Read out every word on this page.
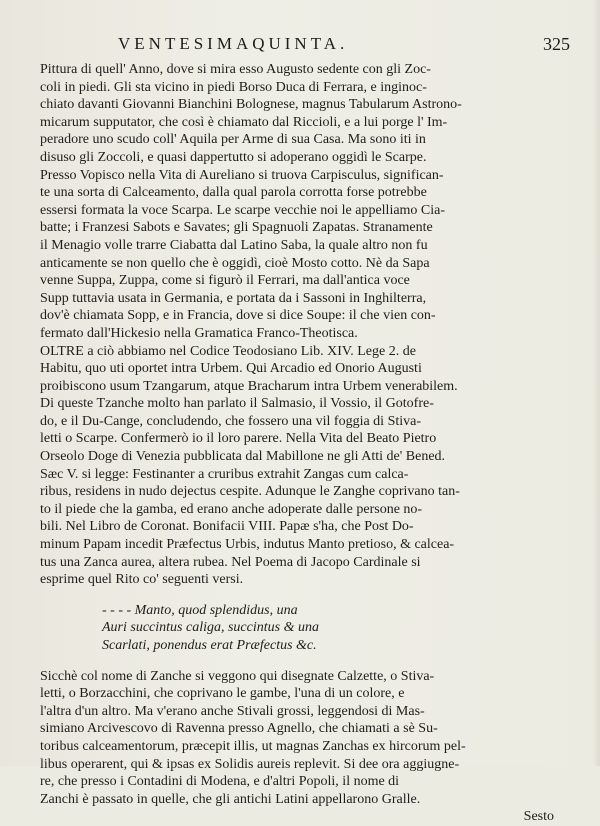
VENTESIMAQUINTA.	325
Pittura di quell' Anno, dove si mira esso Augusto sedente con gli Zoc-
coli in piedi. Gli sta vicino in piedi Borso Duca di Ferrara, e inginoc-
chiato davanti Giovanni Bianchini Bolognese, magnus Tabularum Astrono-
micarum supputator, che così è chiamato dal Riccioli, e a lui porge l' Im-
peradore uno scudo coll' Aquila per Arme di sua Casa. Ma sono iti in
disuso gli Zoccoli, e quasi dappertutto si adoperano oggidì le Scarpe.
Presso Vopisco nella Vita di Aureliano si truova Carpisculus, significan-
te una sorta di Calceamento, dalla qual parola corrotta forse potrebbe
essersi formata la voce Scarpa. Le scarpe vecchie noi le appelliamo Cia-
batte; i Franzesi Sabots e Savates; gli Spagnuoli Zapatas. Stranamente
il Menagio volle trarre Ciabatta dal Latino Saba, la quale altro non fu
anticamente se non quello che è oggidì, cioè Mosto cotto. Nè da Sapa
venne Suppa, Zuppa, come si figurò il Ferrari, ma dall'antica voce
Supp tuttavia usata in Germania, e portata da i Sassoni in Inghilterra,
dov'è chiamata Sopp, e in Francia, dove si dice Soupe: il che vien con-
fermato dall'Hickesio nella Gramatica Franco-Theotisca.
OLTRE a ciò abbiamo nel Codice Teodosiano Lib. XIV. Lege 2. de
Habitu, quo uti oportet intra Urbem. Qui Arcadio ed Onorio Augusti
proibiscono usum Tzangarum, atque Bracharum intra Urbem venerabilem.
Di queste Tzanche molto han parlato il Salmasio, il Vossio, il Gotofre-
do, e il Du-Cange, concludendo, che fossero una vil foggia di Stiva-
letti o Scarpe. Confermerò io il loro parere. Nella Vita del Beato Pietro
Orseolo Doge di Venezia pubblicata dal Mabillone ne gli Atti de' Bened.
Sæc V. si legge: Festinanter a cruribus extrahit Zangas cum calca-
ribus, residens in nudo dejectus cespite. Adunque le Zanghe coprivano tan-
to il piede che la gamba, ed erano anche adoperate dalle persone no-
bili. Nel Libro de Coronat. Bonifacii VIII. Papæ s'ha, che Post Do-
minum Papam incedit Præfectus Urbis, indutus Manto pretioso, & calcea-
tus una Zanca aurea, altera rubea. Nel Poema di Jacopo Cardinale si
esprime quel Rito co' seguenti versi.
- - - - Manto, quod splendidus, una
Auri succintus caliga, succintus & una
Scarlati, ponendus erat Præfectus &c.
Sicchè col nome di Zanche si veggono qui disegnate Calzette, o Stiva-
letti, o Borzacchini, che coprivano le gambe, l'una di un colore, e
l'altra d'un altro. Ma v'erano anche Stivali grossi, leggendosi di Mas-
simiano Arcivescovo di Ravenna presso Agnello, che chiamati a sè Su-
toribus calceamentorum, præcepit illis, ut magnas Zanchas ex hircorum pel-
libus operarent, qui & ipsas ex Solidis aureis replevit. Si dee ora aggiugne-
re, che presso i Contadini di Modena, e d'altri Popoli, il nome di
Zanchi è passato in quelle, che gli antichi Latini appellarono Gralle.
Sesto
